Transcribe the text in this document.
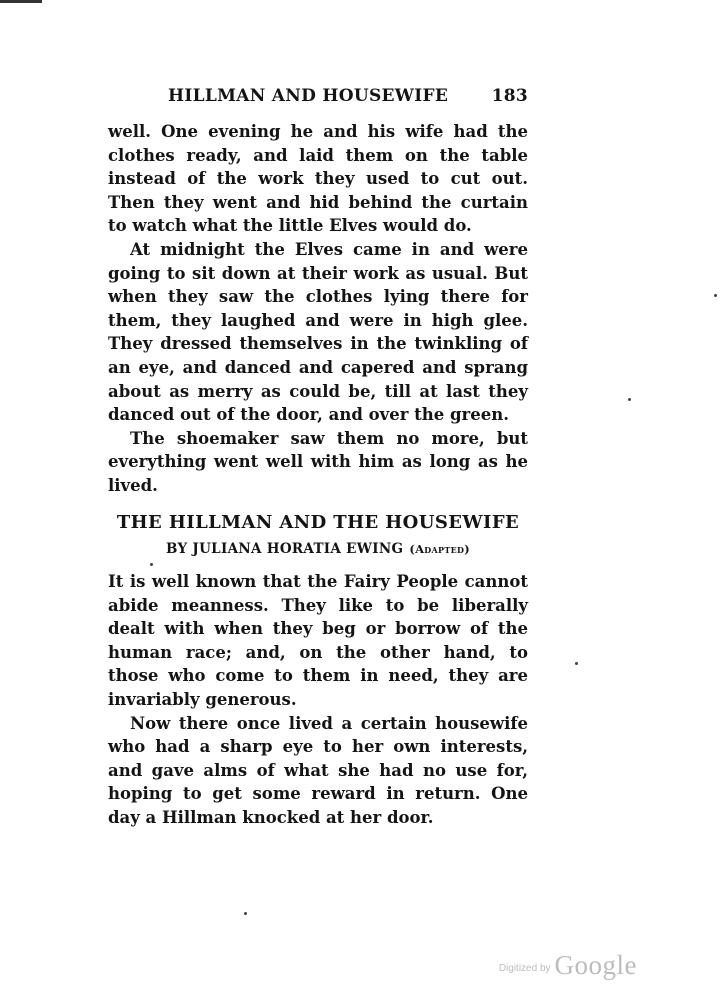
HILLMAN AND HOUSEWIFE	183

well. One evening he and his wife had the clothes ready, and laid them on the table instead of the work they used to cut out. Then they went and hid behind the curtain to watch what the little Elves would do.

At midnight the Elves came in and were going to sit down at their work as usual. But when they saw the clothes lying there for them, they laughed and were in high glee. They dressed themselves in the twinkling of an eye, and danced and capered and sprang about as merry as could be, till at last they danced out of the door, and over the green.

The shoemaker saw them no more, but everything went well with him as long as he lived.

THE HILLMAN AND THE HOUSEWIFE
BY JULIANA HORATIA EWING (Adapted)

It is well known that the Fairy People cannot abide meanness. They like to be liberally dealt with when they beg or borrow of the human race; and, on the other hand, to those who come to them in need, they are invariably generous.

Now there once lived a certain housewife who had a sharp eye to her own interests, and gave alms of what she had no use for, hoping to get some reward in return. One day a Hillman knocked at her door.

Digitized by Google
